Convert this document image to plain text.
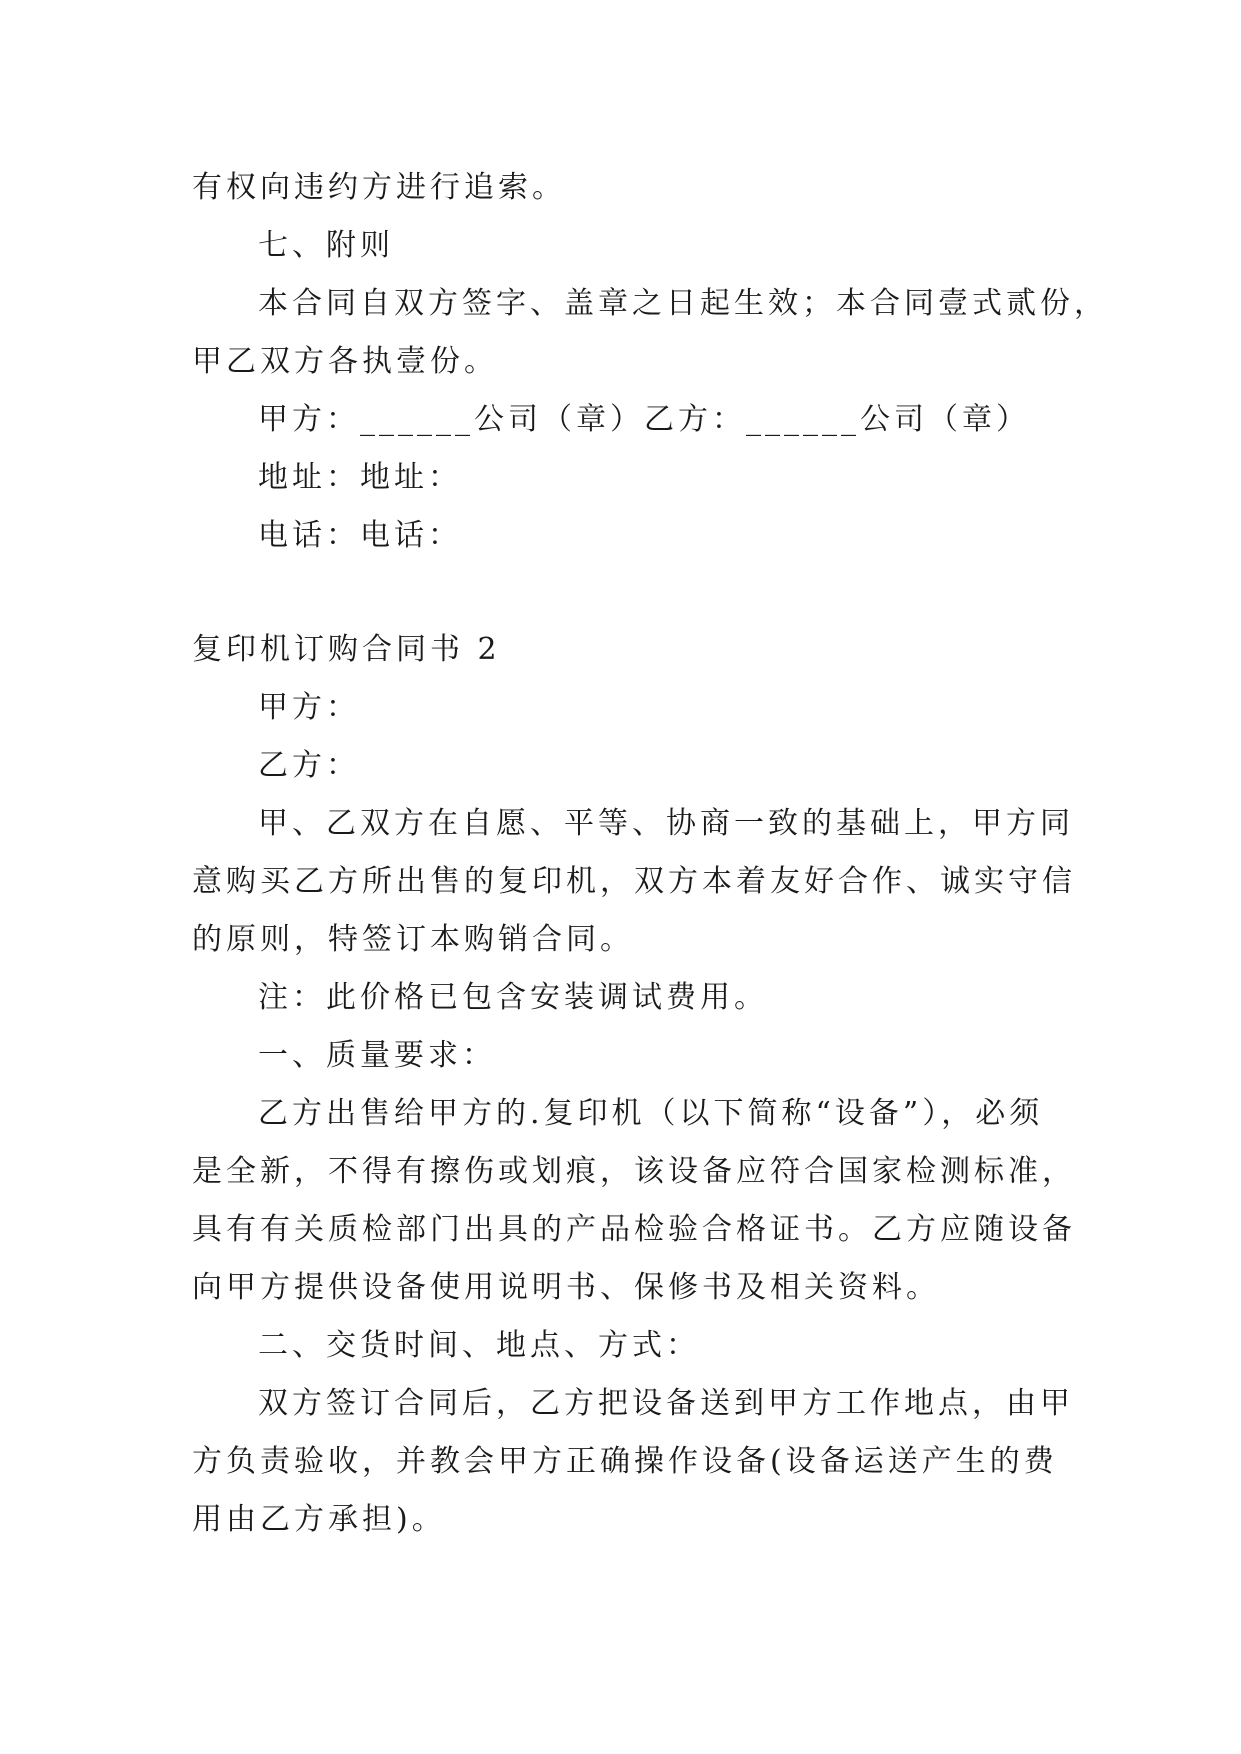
有权向违约方进行追索。
七、附则
本合同自双方签字、盖章之日起生效；本合同壹式贰份，
甲乙双方各执壹份。
甲方：______公司（章）乙方：______公司（章）
地址：地址：
电话：电话：
复印机订购合同书 2
甲方：
乙方：
甲、乙双方在自愿、平等、协商一致的基础上，甲方同
意购买乙方所出售的复印机，双方本着友好合作、诚实守信
的原则，特签订本购销合同。
注：此价格已包含安装调试费用。
一、质量要求：
乙方出售给甲方的.复印机（以下简称“设备”），必须
是全新，不得有擦伤或划痕，该设备应符合国家检测标准，
具有有关质检部门出具的产品检验合格证书。乙方应随设备
向甲方提供设备使用说明书、保修书及相关资料。
二、交货时间、地点、方式：
双方签订合同后，乙方把设备送到甲方工作地点，由甲
方负责验收，并教会甲方正确操作设备(设备运送产生的费
用由乙方承担)。
